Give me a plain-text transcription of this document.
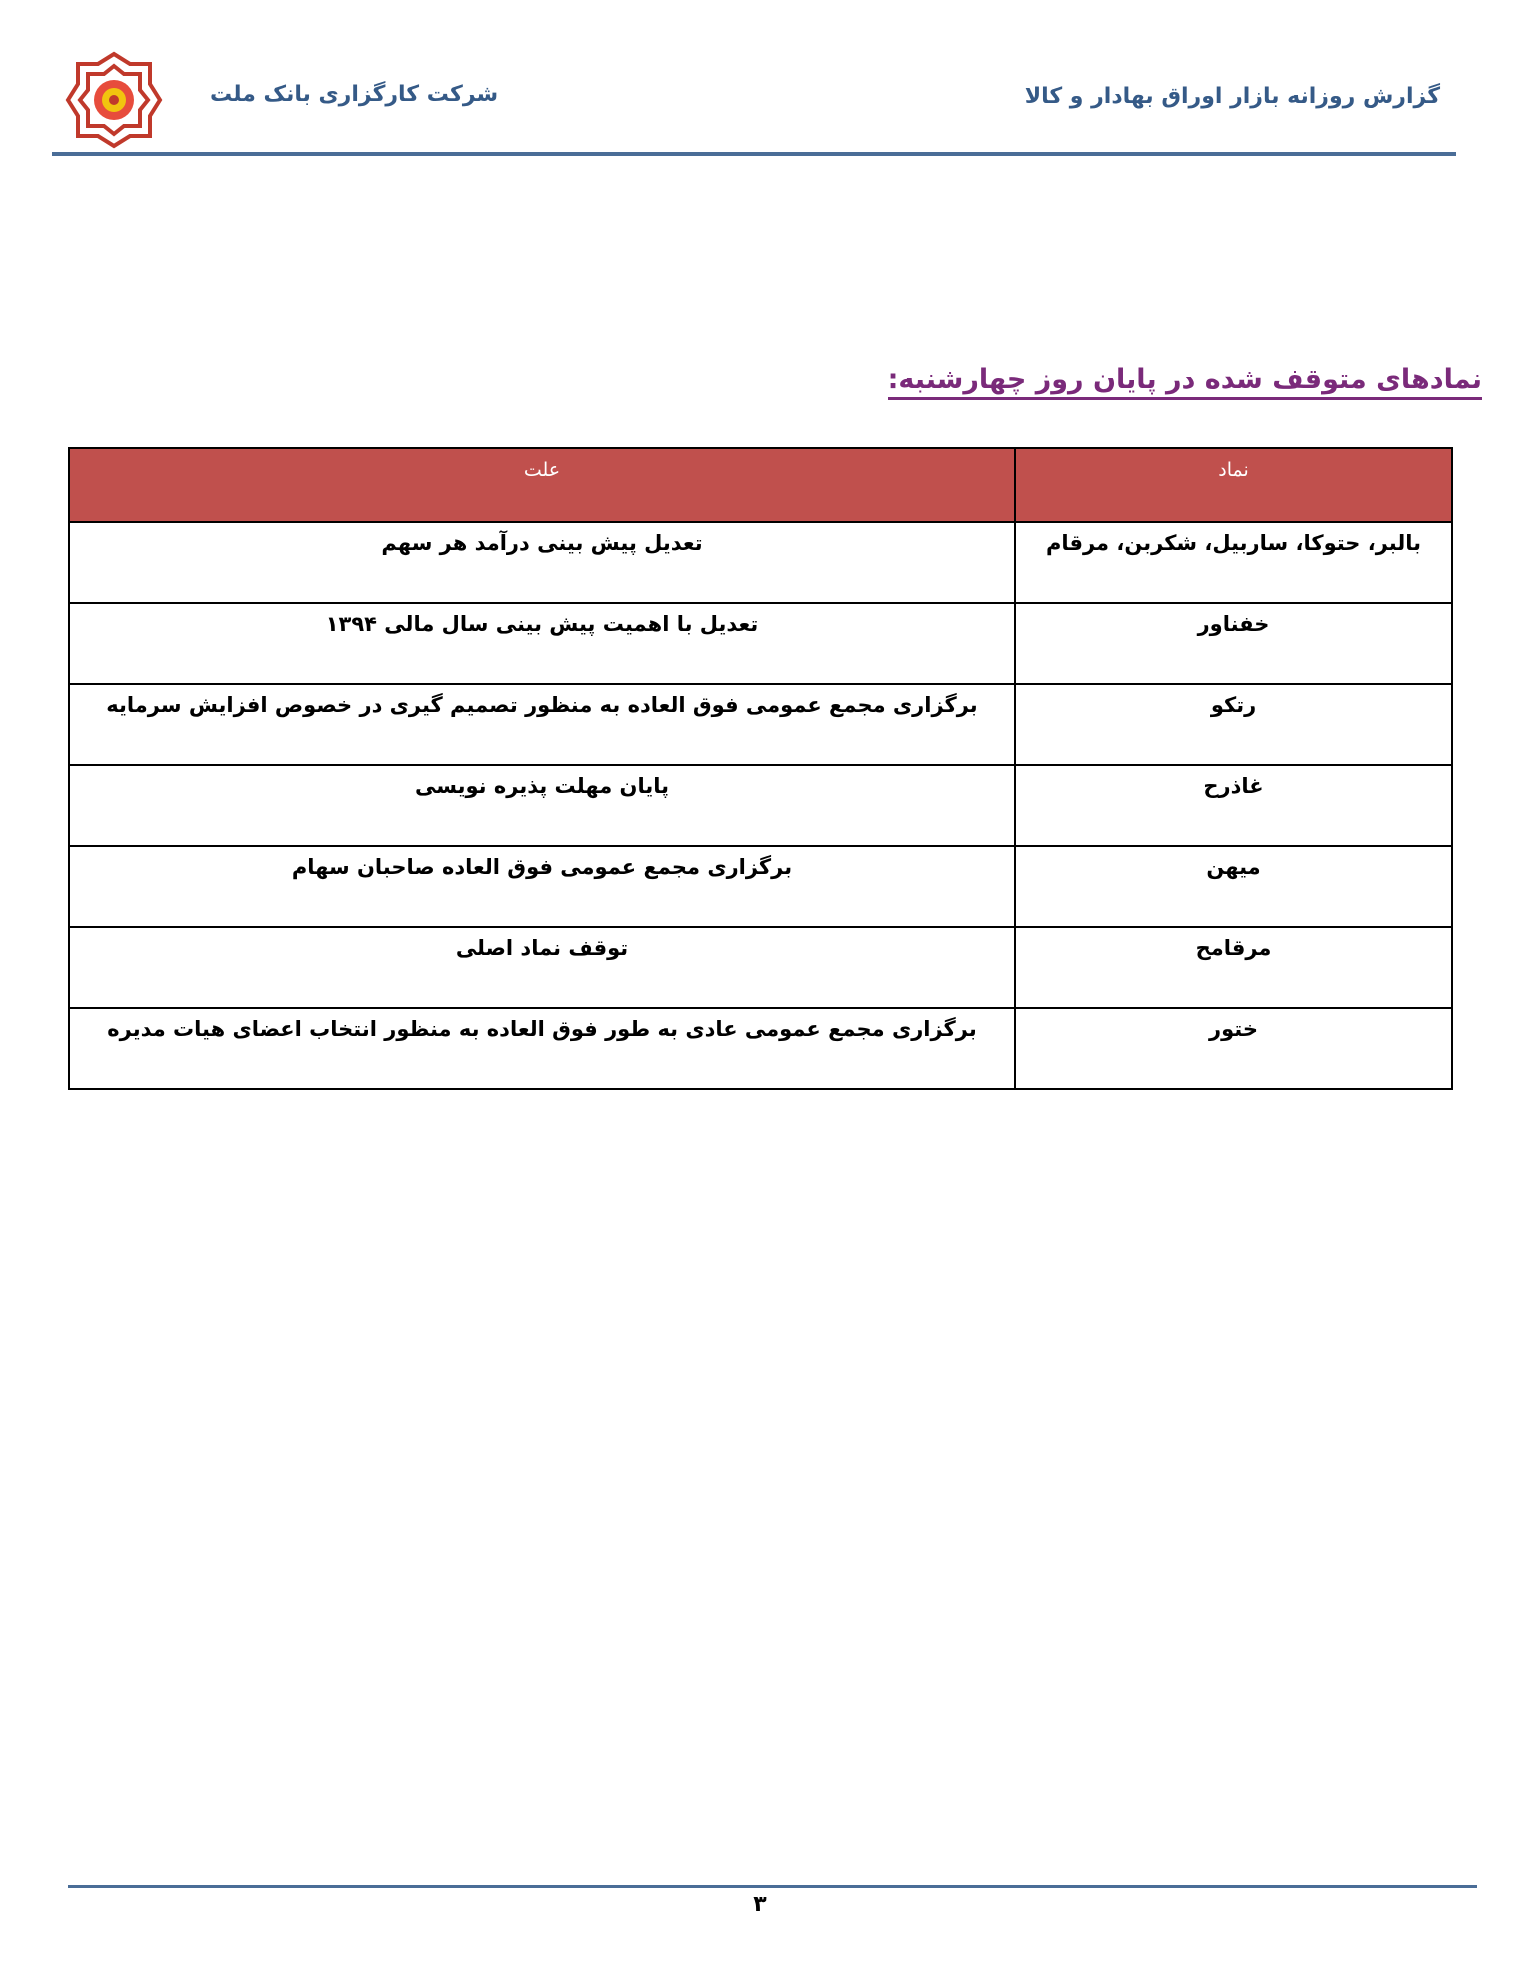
شرکت کارگزاری بانک ملت	گزارش روزانه بازار اوراق بهادار و کالا
نمادهای متوقف شده در پایان روز چهارشنبه:
نماد	علت
بالبر، حتوکا، ساربیل، شکربن، مرقام	تعدیل پیش بینی درآمد هر سهم
خفناور	تعدیل با اهمیت پیش بینی سال مالی ۱۳۹۴
رتکو	برگزاری مجمع عمومی فوق العاده به منظور تصمیم گیری در خصوص افزایش سرمایه
غاذرح	پایان مهلت پذیره نویسی
میهن	برگزاری مجمع عمومی فوق العاده صاحبان سهام
مرقامح	توقف نماد اصلی
ختور	برگزاری مجمع عمومی عادی به طور فوق العاده به منظور انتخاب اعضای هیات مدیره
۳
